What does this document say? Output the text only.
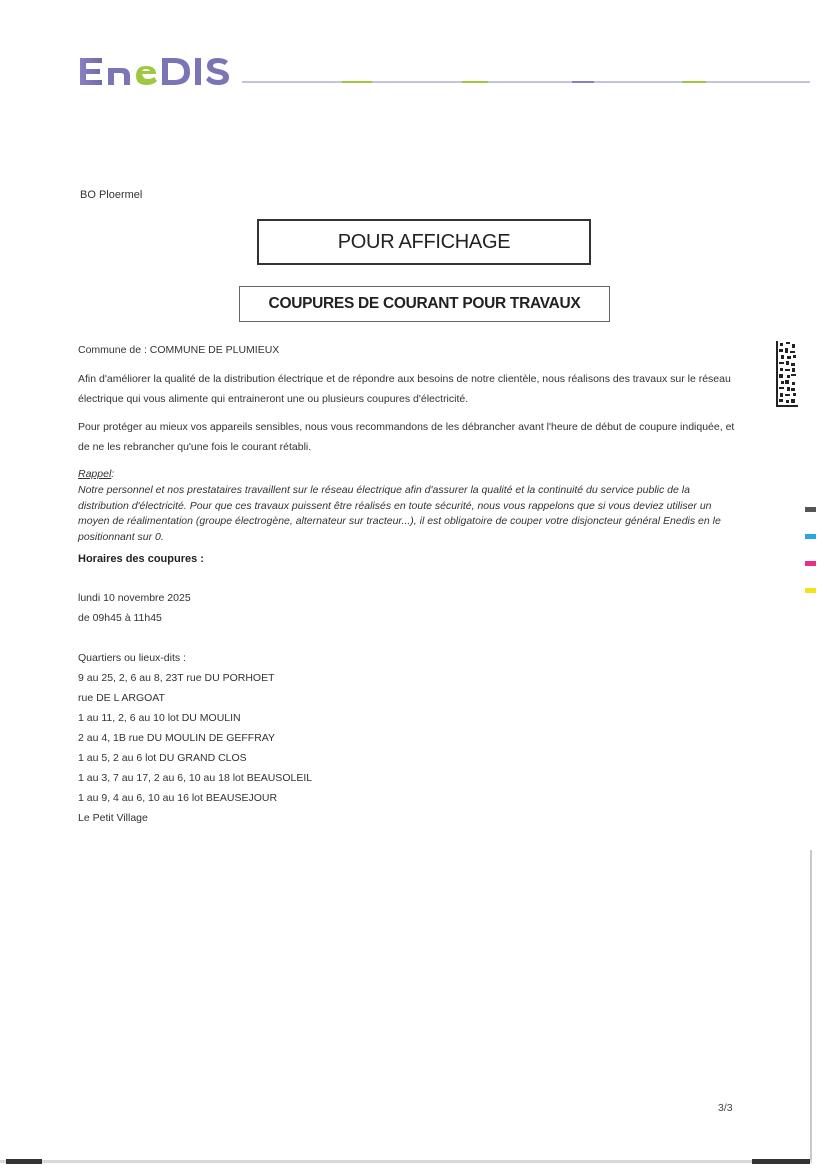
BO Ploermel
POUR AFFICHAGE
COUPURES DE COURANT POUR TRAVAUX
Commune de : COMMUNE DE PLUMIEUX
Afin d'améliorer la qualité de la distribution électrique et de répondre aux besoins de notre clientèle, nous réalisons des travaux sur le réseau électrique qui vous alimente qui entraineront une ou plusieurs coupures d'électricité.
Pour protéger au mieux vos appareils sensibles, nous vous recommandons de les débrancher avant l'heure de début de coupure indiquée, et de ne les rebrancher qu'une fois le courant rétabli.
Rappel:
Notre personnel et nos prestataires travaillent sur le réseau électrique afin d'assurer la qualité et la continuité du service public de la distribution d'électricité. Pour que ces travaux puissent être réalisés en toute sécurité, nous vous rappelons que si vous deviez utiliser un moyen de réalimentation (groupe électrogène, alternateur sur tracteur...), il est obligatoire de couper votre disjoncteur général Enedis en le positionnant sur 0.
Horaires des coupures :
lundi 10 novembre 2025
de 09h45 à 11h45
Quartiers ou lieux-dits :
9 au 25, 2, 6 au 8, 23T rue DU PORHOET
rue DE L ARGOAT
1 au 11, 2, 6 au 10 lot DU MOULIN
2 au 4, 1B rue DU MOULIN DE GEFFRAY
1 au 5, 2 au 6 lot DU GRAND CLOS
1 au 3, 7 au 17, 2 au 6, 10 au 18 lot BEAUSOLEIL
1 au 9, 4 au 6, 10 au 16 lot BEAUSEJOUR
Le Petit Village
3/3
